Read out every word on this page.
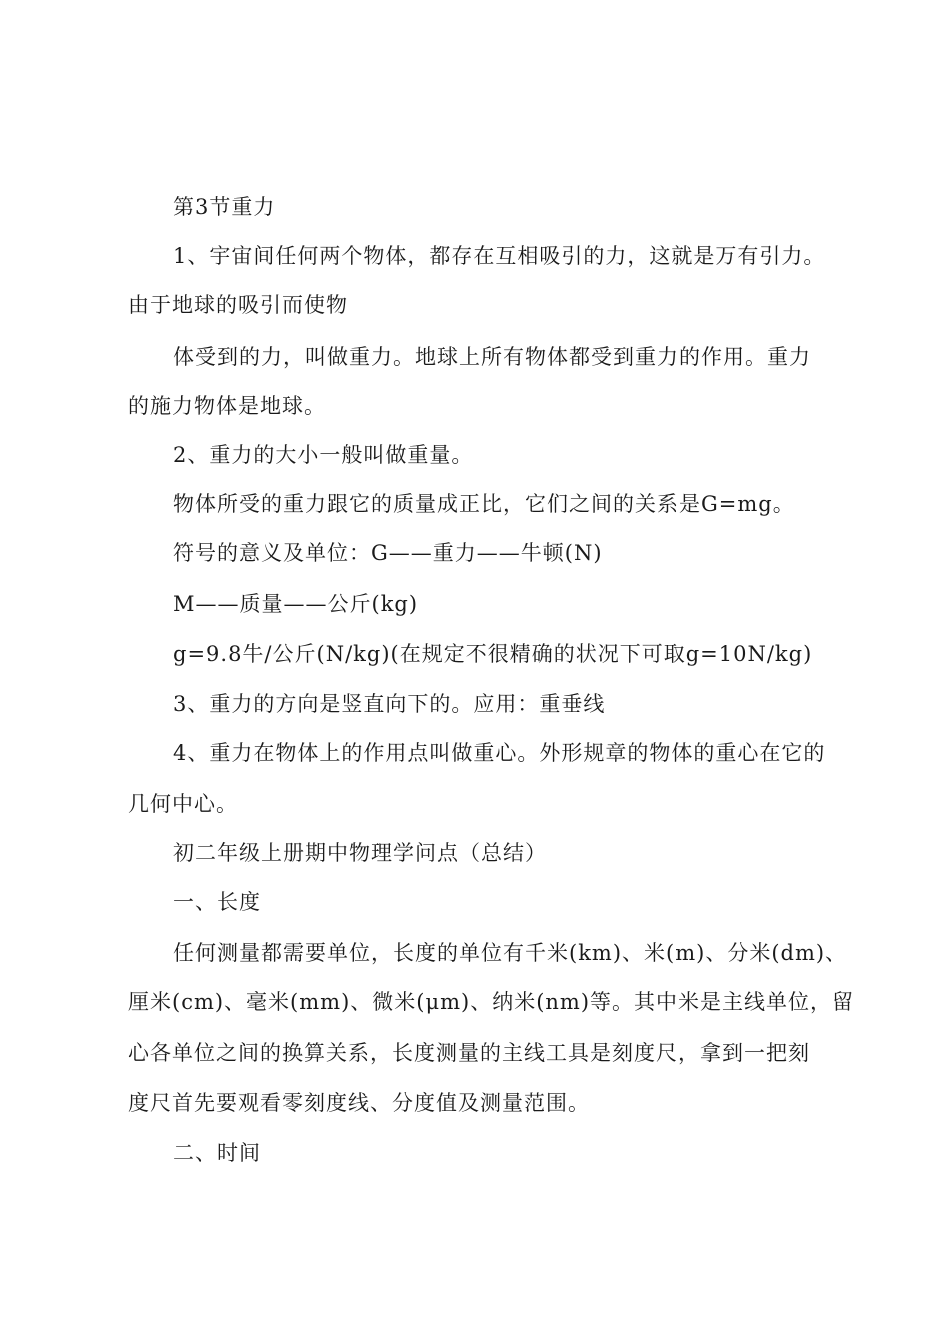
第3节重力
1、宇宙间任何两个物体，都存在互相吸引的力，这就是万有引力。
由于地球的吸引而使物
体受到的力，叫做重力。地球上所有物体都受到重力的作用。重力
的施力物体是地球。
2、重力的大小一般叫做重量。
物体所受的重力跟它的质量成正比，它们之间的关系是G=mg。
符号的意义及单位：G——重力——牛顿(N)
M——质量——公斤(kg)
g=9.8牛/公斤(N/kg)(在规定不很精确的状况下可取g=10N/kg)
3、重力的方向是竖直向下的。应用：重垂线
4、重力在物体上的作用点叫做重心。外形规章的物体的重心在它的
几何中心。
初二年级上册期中物理学问点（总结）
一、长度
任何测量都需要单位，长度的单位有千米(km)、米(m)、分米(dm)、
厘米(cm)、毫米(mm)、微米(μm)、纳米(nm)等。其中米是主线单位，留
心各单位之间的换算关系，长度测量的主线工具是刻度尺，拿到一把刻
度尺首先要观看零刻度线、分度值及测量范围。
二、时间
